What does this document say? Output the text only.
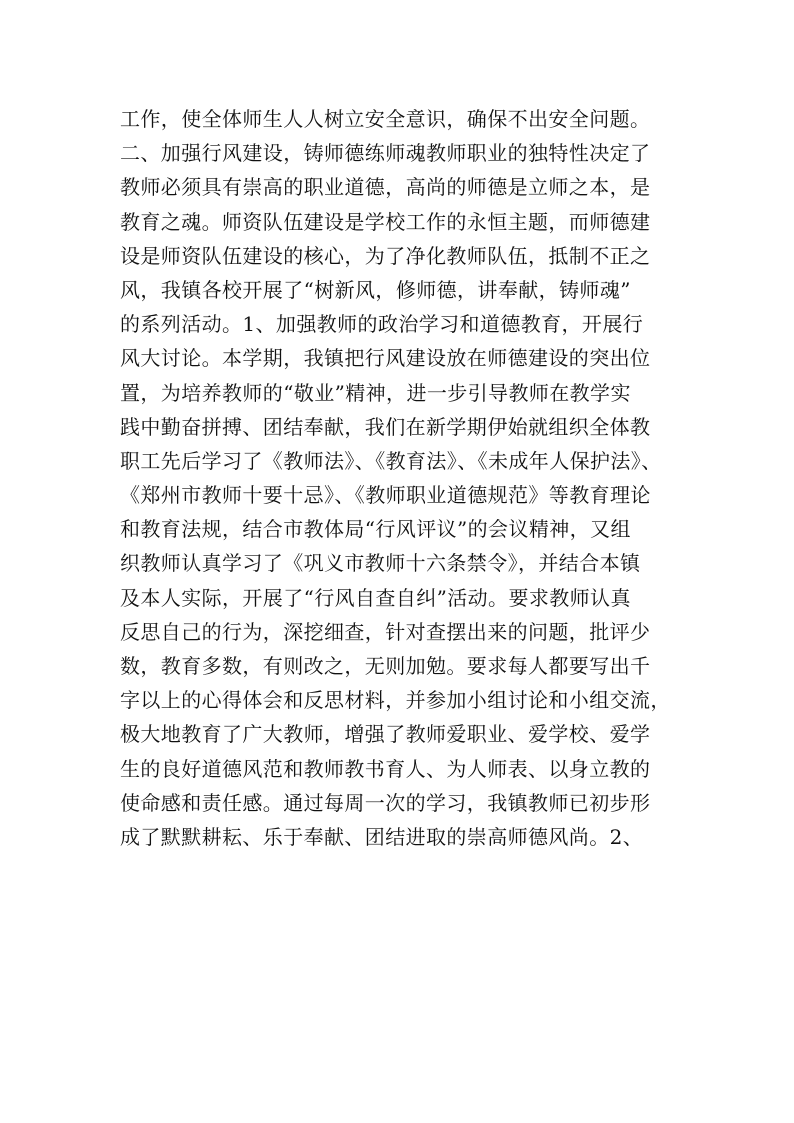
工作，使全体师生人人树立安全意识，确保不出安全问题。
二、加强行风建设，铸师德练师魂教师职业的独特性决定了
教师必须具有崇高的职业道德，高尚的师德是立师之本，是
教育之魂。师资队伍建设是学校工作的永恒主题，而师德建
设是师资队伍建设的核心，为了净化教师队伍，抵制不正之
风，我镇各校开展了“树新风，修师德，讲奉献，铸师魂”
的系列活动。1、加强教师的政治学习和道德教育，开展行
风大讨论。本学期，我镇把行风建设放在师德建设的突出位
置，为培养教师的“敬业”精神，进一步引导教师在教学实
践中勤奋拼搏、团结奉献，我们在新学期伊始就组织全体教
职工先后学习了《教师法》、《教育法》、《未成年人保护法》、
《郑州市教师十要十忌》、《教师职业道德规范》等教育理论
和教育法规，结合市教体局“行风评议”的会议精神，又组
织教师认真学习了《巩义市教师十六条禁令》，并结合本镇
及本人实际，开展了“行风自查自纠”活动。要求教师认真
反思自己的行为，深挖细查，针对查摆出来的问题，批评少
数，教育多数，有则改之，无则加勉。要求每人都要写出千
字以上的心得体会和反思材料，并参加小组讨论和小组交流，
极大地教育了广大教师，增强了教师爱职业、爱学校、爱学
生的良好道德风范和教师教书育人、为人师表、以身立教的
使命感和责任感。通过每周一次的学习，我镇教师已初步形
成了默默耕耘、乐于奉献、团结进取的崇高师德风尚。2、
